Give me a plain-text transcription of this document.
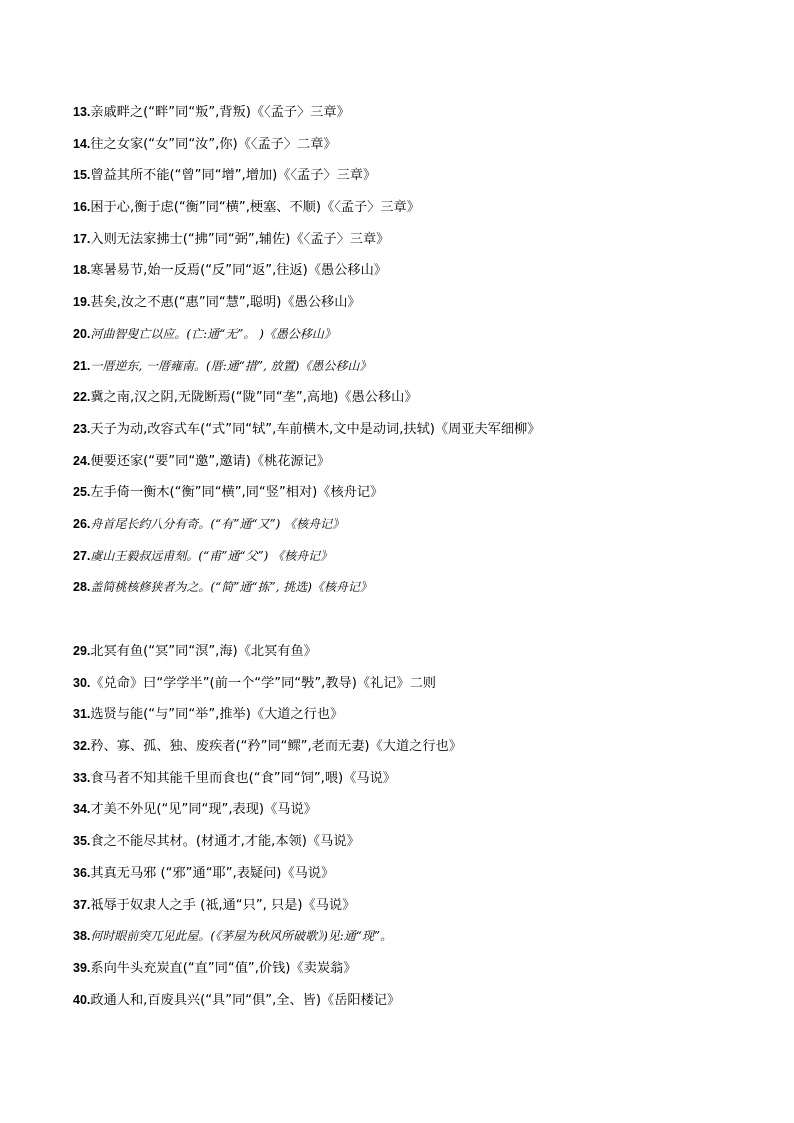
13.亲戚畔之(“畔”同“叛”,背叛)《〈孟子〉三章》
14.往之女家(“女”同“汝”,你)《〈孟子〉二章》
15.曾益其所不能(“曾”同“增”,增加)《〈孟子〉三章》
16.困于心,衡于虑(“衡”同“横”,梗塞、不顺)《〈孟子〉三章》
17.入则无法家拂士(“拂”同“弼”,辅佐)《〈孟子〉三章》
18.寒暑易节,始一反焉(“反”同“返”,往返)《愚公移山》
19.甚矣,汝之不惠(“惠”同“慧”,聪明)《愚公移山》
20.河曲智叟亡以应。(亡:通“无”。 )《愚公移山》
21.一厝逆东, 一厝雍南。(厝:通“措”, 放置)《愚公移山》
22.冀之南,汉之阴,无陇断焉(“陇”同“垄”,高地)《愚公移山》
23.天子为动,改容式车(“式”同“轼”,车前横木,文中是动词,扶轼)《周亚夫军细柳》
24.便要还家(“要”同“邀”,邀请)《桃花源记》
25.左手倚一衡木(“衡”同“横”,同“竖”相对)《核舟记》
26.舟首尾长约八分有奇。(“有”通“又”) 《核舟记》
27.虞山王毅叔远甫刻。(“甫”通“父”) 《核舟记》
28.盖简桃核修狭者为之。(“简”通“拣”, 挑选)《核舟记》
29.北冥有鱼(“冥”同“溟”,海)《北冥有鱼》
30.《兑命》曰“学学半”(前一个“学”同“斅”,教导)《礼记》二则
31.选贤与能(“与”同“举”,推举)《大道之行也》
32.矜、寡、孤、独、废疾者(“矜”同“鳏”,老而无妻)《大道之行也》
33.食马者不知其能千里而食也(“食”同“饲”,喂)《马说》
34.才美不外见(“见”同“现”,表现)《马说》
35.食之不能尽其材。(材通才,才能,本领)《马说》
36.其真无马邪 (“邪”通“耶”,表疑问)《马说》
37.祗辱于奴隶人之手 (祗,通“只”, 只是)《马说》
38.何时眼前突兀见此屋。(《茅屋为秋风所破歌》)见:通“现”。
39.系向牛头充炭直(“直”同“值”,价钱)《卖炭翁》
40.政通人和,百废具兴(“具”同“俱”,全、皆)《岳阳楼记》
